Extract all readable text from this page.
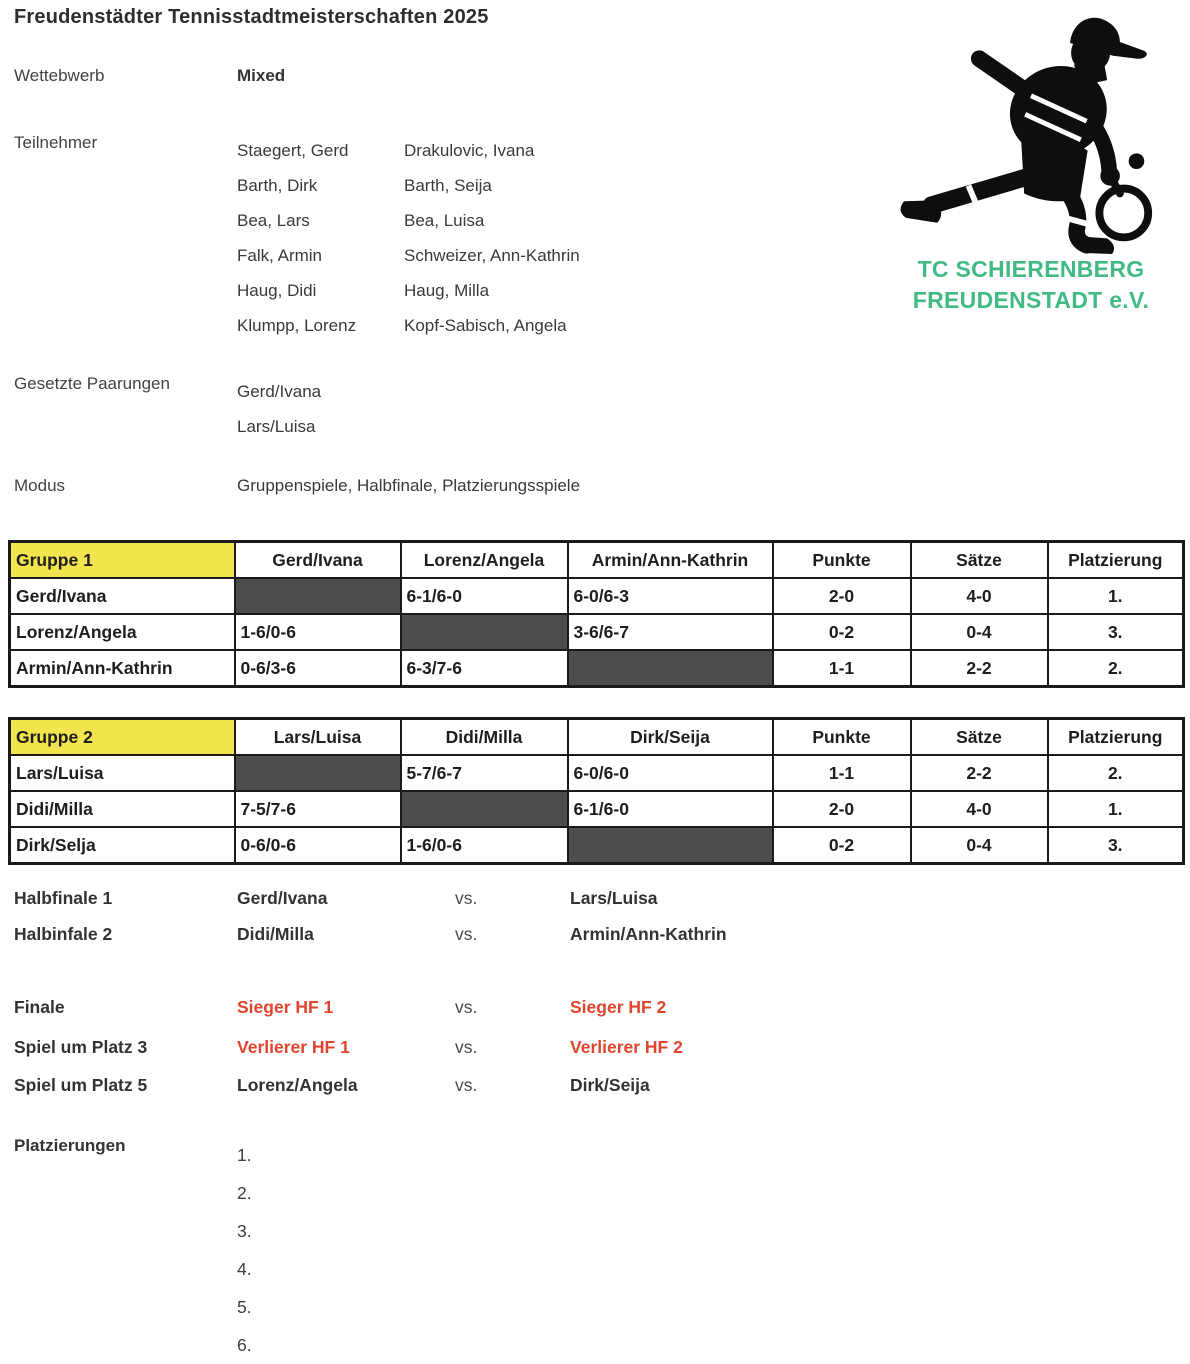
Freudenstädter Tennisstadtmeisterschaften 2025
TC SCHIERENBERG
FREUDENSTADT e.V.
Wettebwerb	Mixed
Teilnehmer	Staegert, Gerd	Drakulovic, Ivana
Barth, Dirk	Barth, Seija
Bea, Lars	Bea, Luisa
Falk, Armin	Schweizer, Ann-Kathrin
Haug, Didi	Haug, Milla
Klumpp, Lorenz	Kopf-Sabisch, Angela
Gesetzte Paarungen	Gerd/Ivana
Lars/Luisa
Modus	Gruppenspiele, Halbfinale, Platzierungsspiele
Gruppe 1	Gerd/Ivana	Lorenz/Angela	Armin/Ann-Kathrin	Punkte	Sätze	Platzierung
Gerd/Ivana		6-1/6-0	6-0/6-3	2-0	4-0	1.
Lorenz/Angela	1-6/0-6		3-6/6-7	0-2	0-4	3.
Armin/Ann-Kathrin	0-6/3-6	6-3/7-6		1-1	2-2	2.
Gruppe 2	Lars/Luisa	Didi/Milla	Dirk/Seija	Punkte	Sätze	Platzierung
Lars/Luisa		5-7/6-7	6-0/6-0	1-1	2-2	2.
Didi/Milla	7-5/7-6		6-1/6-0	2-0	4-0	1.
Dirk/Selja	0-6/0-6	1-6/0-6		0-2	0-4	3.
Halbfinale 1	Gerd/Ivana	vs.	Lars/Luisa
Halbinfale 2	Didi/Milla	vs.	Armin/Ann-Kathrin
Finale	Sieger HF 1	vs.	Sieger HF 2
Spiel um Platz 3	Verlierer HF 1	vs.	Verlierer HF 2
Spiel um Platz 5	Lorenz/Angela	vs.	Dirk/Seija
Platzierungen	1.
2.
3.
4.
5.
6.
